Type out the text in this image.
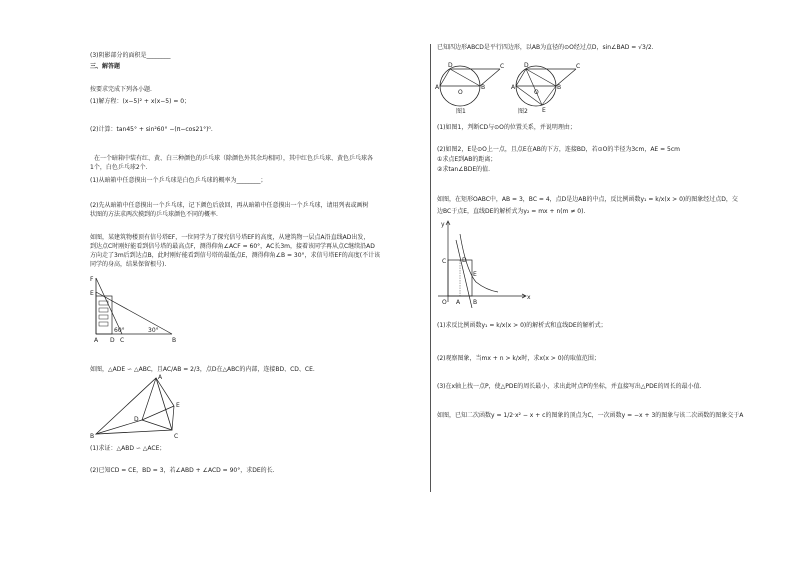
(3)阴影部分的面积是________
三、解答题
按要求完成下列各小题.
(1)解方程：(x−5)² + x(x−5) = 0；
(2)计算：tan45° + sin²60° −(π−cos21°)⁰.
在一个暗箱中装有红、黄、白三种颜色的乒乓球（除颜色外其余均相同），其中红色乒乓球、黄色乒乓球各
1个，白色乒乓球2个.
(1)从暗箱中任意摸出一个乒乓球是白色乒乓球的概率为________；
(2)先从暗箱中任意摸出一个乒乓球，记下颜色后放回，再从暗箱中任意摸出一个乒乓球，请用列表或画树
状图的方法求两次摸到的乒乓球颜色不同的概率.
如图，某建筑物楼顶有信号塔EF，一位同学为了探究信号塔EF的高度，从建筑物一层点A沿直线AD出发，
到达点C时刚好能看到信号塔的最高点F，测得仰角∠ACF = 60°，AC长3m，接着该同学再从点C继续沿AD
方向走了3m后到达点B，此时刚好能看到信号塔的最低点E，测得仰角∠B = 30°，求信号塔EF的高度(不计该
同学的身高，结果保留根号).
F
E
A D C	B
60°	30°
如图，△ADE ∽ △ABC，且AC/AB = 2/3，点D在△ABC的内部，连接BD、CD、CE.
A
B	C
D
E
(1)求证：△ABD ∽ △ACE；
(2)已知CD = CE，BD = 3，若∠ABD + ∠ACD = 90°，求DE的长.
已知四边形ABCD是平行四边形，以AB为直径的⊙O经过点D，sin∠BAD = √3/2.
A	B
C
D
O
图1
A	B
C
D
E
O
图2
(1)如图1，判断CD与⊙O的位置关系，并说明理由；
(2)如图2，E是⊙O上一点，且点E在AB的下方，连接BD，若⊙O的半径为3cm，AE = 5cm
①求点E到AB的距离；
②求tan∠BDE的值.
如图，在矩形OABC中，AB = 3，BC = 4，点D是边AB的中点，反比例函数y₁ = k/x(x > 0)的图象经过点D，交
边BC于点E，直线DE的解析式为y₂ = mx + n(m ≠ 0).
y
x
O A B
C	D
E
(1)求反比例函数y₁ = k/x(x > 0)的解析式和直线DE的解析式；
(2)观察图象，当mx + n > k/x时，求x(x > 0)的取值范围；
(3)在x轴上找一点P，使△PDE的周长最小，求出此时点P的坐标，并直接写出△PDE的周长的最小值.
如图，已知二次函数y = 1/2·x² − x + c的图象的顶点为C，一次函数y = −x + 3的图象与该二次函数的图象交于A
